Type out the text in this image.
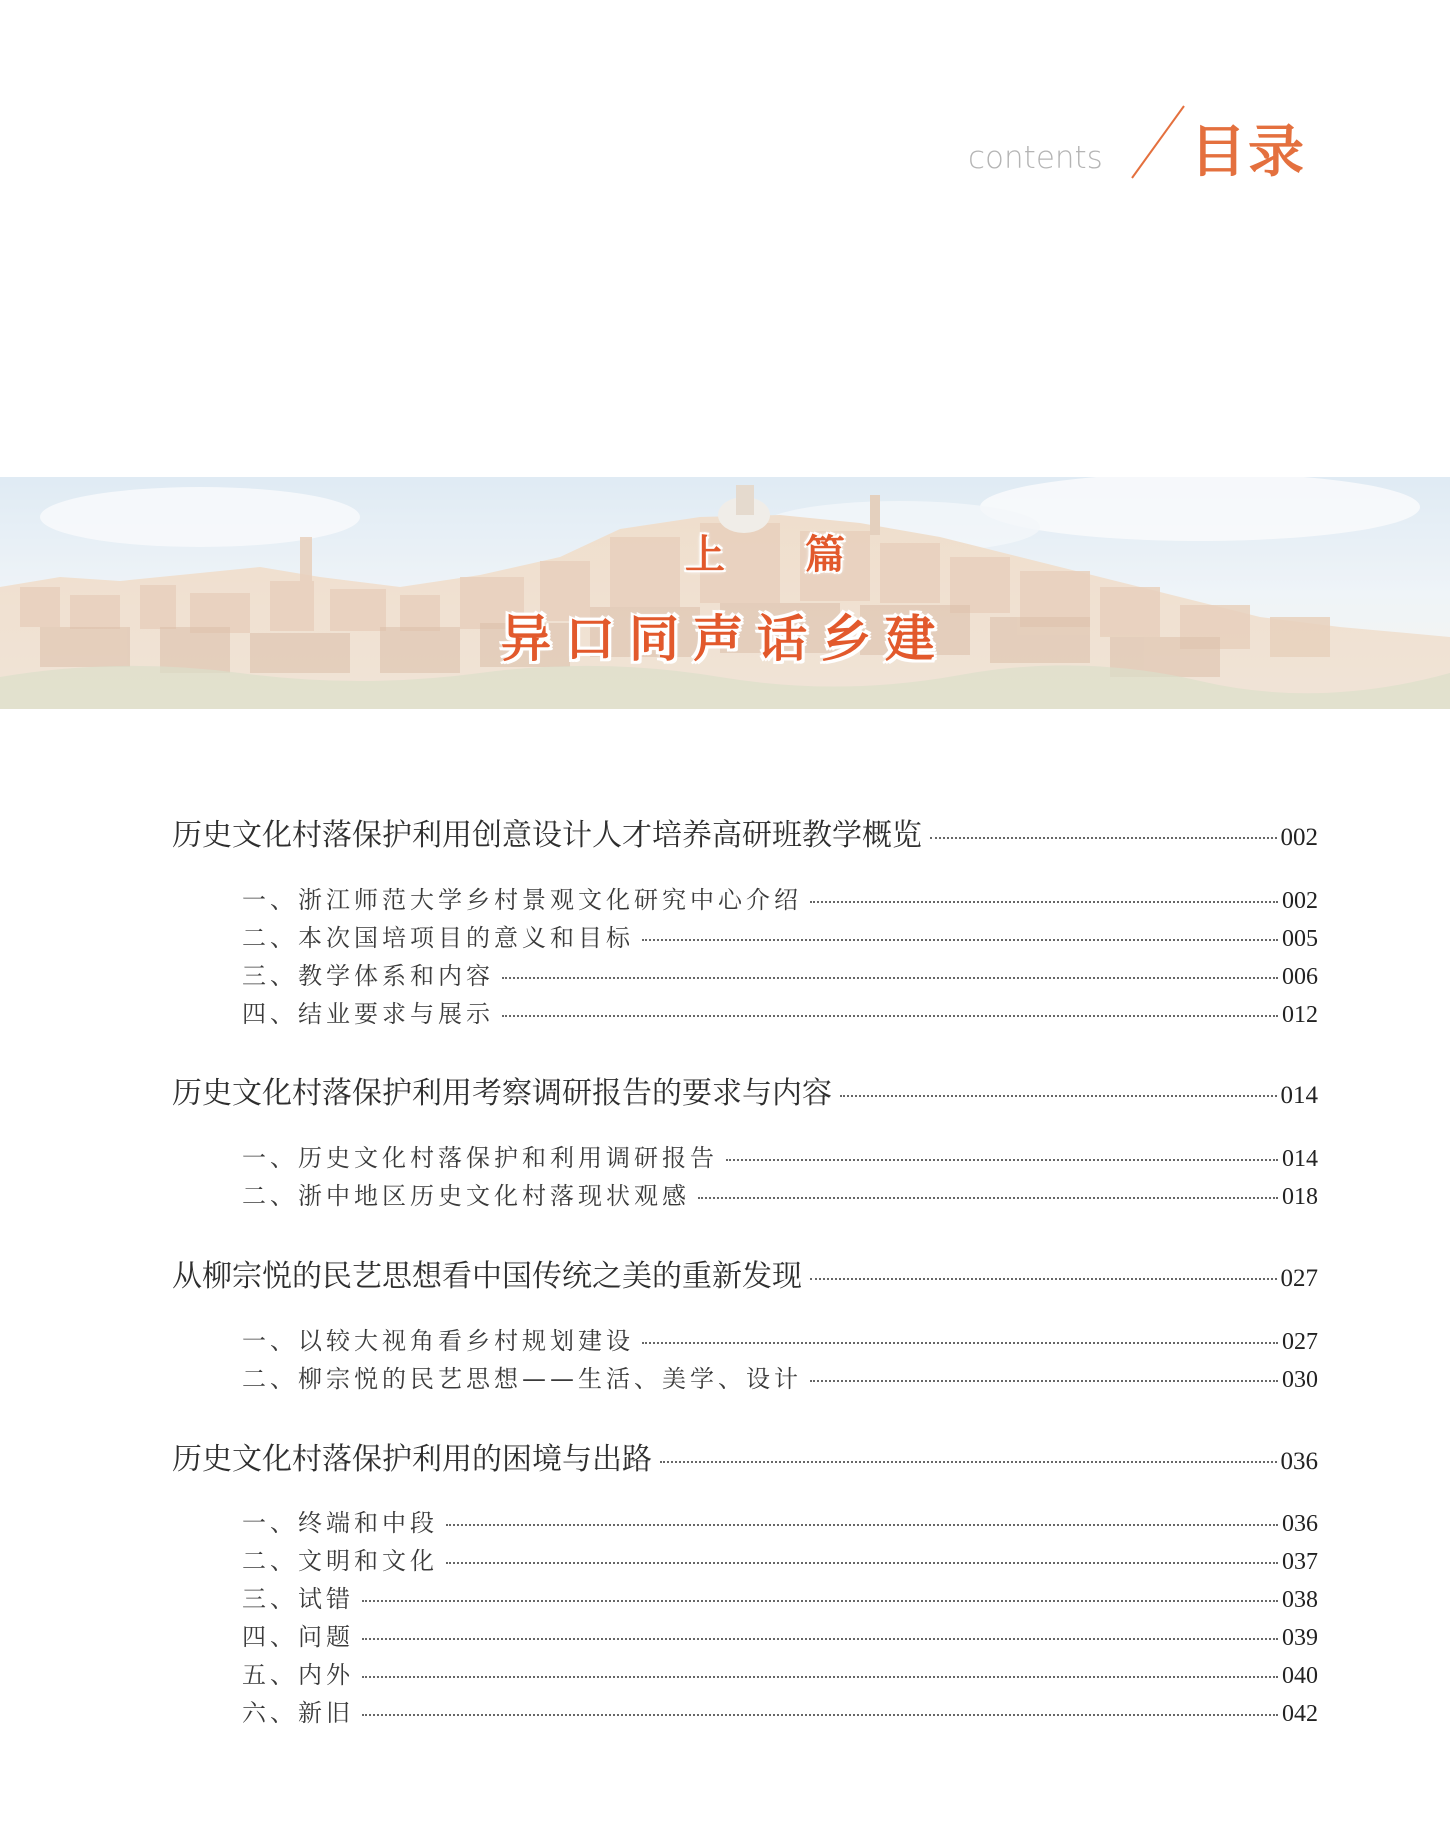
contents 目录
上篇
异口同声话乡建
历史文化村落保护利用创意设计人才培养高研班教学概览	002
一、浙江师范大学乡村景观文化研究中心介绍	002
二、本次国培项目的意义和目标	005
三、教学体系和内容	006
四、结业要求与展示	012
历史文化村落保护利用考察调研报告的要求与内容	014
一、历史文化村落保护和利用调研报告	014
二、浙中地区历史文化村落现状观感	018
从柳宗悦的民艺思想看中国传统之美的重新发现	027
一、以较大视角看乡村规划建设	027
二、柳宗悦的民艺思想——生活、美学、设计	030
历史文化村落保护利用的困境与出路	036
一、终端和中段	036
二、文明和文化	037
三、试错	038
四、问题	039
五、内外	040
六、新旧	042
